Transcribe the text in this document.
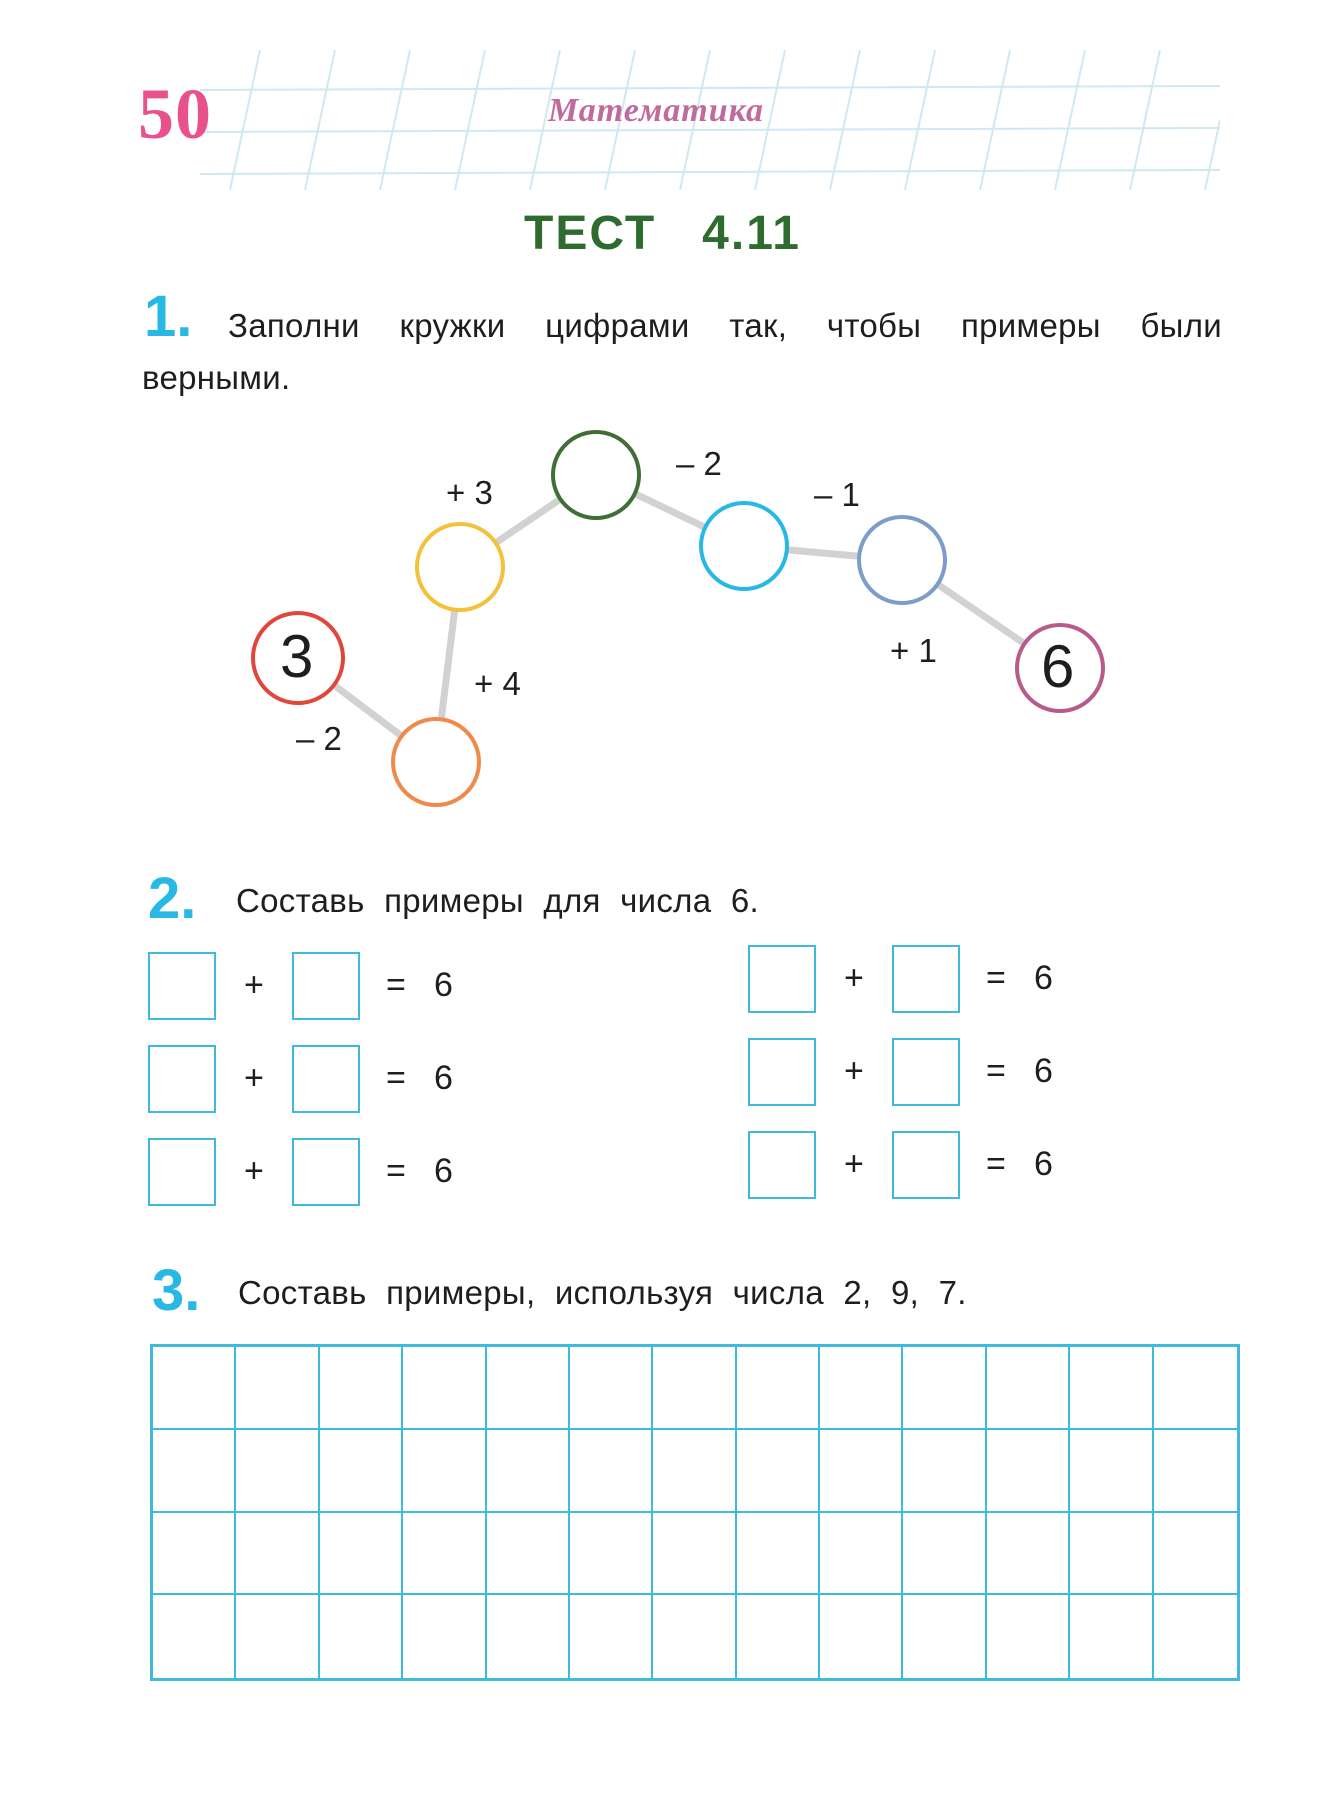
50	Математика
ТЕСТ   4.11
1.	Заполни кружки цифрами так, чтобы примеры были верными.
3	6
– 2
+ 4
+ 3
– 2
– 1
+ 1
2. Составь примеры для числа 6.
+	= 6
+	= 6
+	= 6
+	= 6
+	= 6
+	= 6
3. Составь примеры, используя числа 2, 9, 7.
